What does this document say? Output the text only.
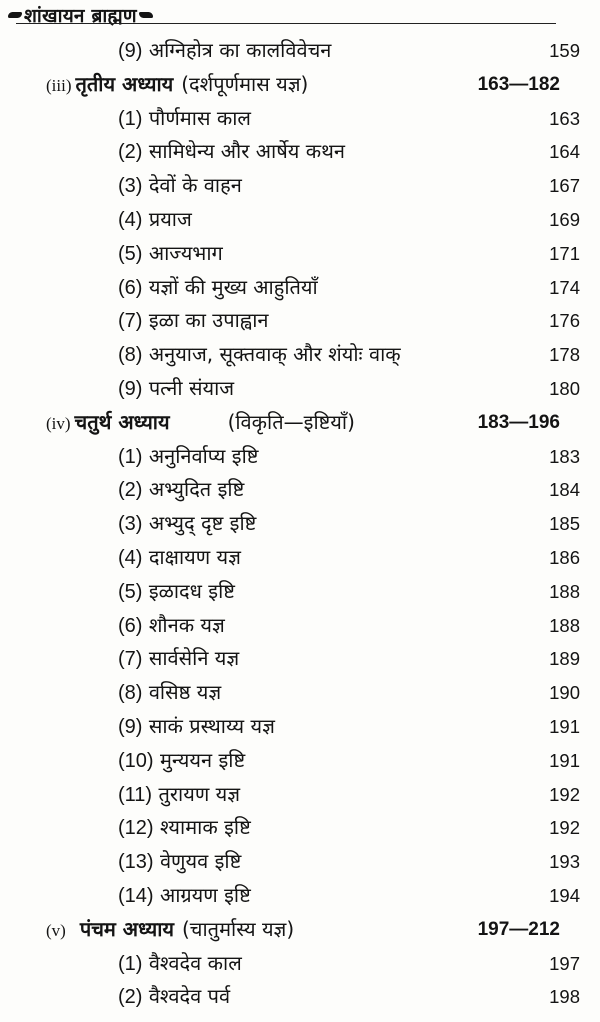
शांखायन ब्राह्मण
(9) अग्निहोत्र का कालविवेचन	159
(iii) तृतीय अध्याय (दर्शपूर्णमास यज्ञ)	163—182
(1) पौर्णमास काल	163
(2) सामिधेन्य और आर्षेय कथन	164
(3) देवों के वाहन	167
(4) प्रयाज	169
(5) आज्यभाग	171
(6) यज्ञों की मुख्य आहुतियाँ	174
(7) इळा का उपाह्वान	176
(8) अनुयाज, सूक्तवाक् और शंयोः वाक्	178
(9) पत्नी संयाज	180
(iv) चतुर्थ अध्याय	(विकृति—इष्टियाँ)	183—196
(1) अनुनिर्वाप्य इष्टि	183
(2) अभ्युदित इष्टि	184
(3) अभ्युद् दृष्ट इष्टि	185
(4) दाक्षायण यज्ञ	186
(5) इळादध इष्टि	188
(6) शौनक यज्ञ	188
(7) सार्वसेनि यज्ञ	189
(8) वसिष्ठ यज्ञ	190
(9) साकं प्रस्थाय्य यज्ञ	191
(10) मुन्ययन इष्टि	191
(11) तुरायण यज्ञ	192
(12) श्यामाक इष्टि	192
(13) वेणुयव इष्टि	193
(14) आग्रयण इष्टि	194
(v) पंचम अध्याय (चातुर्मास्य यज्ञ)	197—212
(1) वैश्वदेव काल	197
(2) वैश्वदेव पर्व	198
